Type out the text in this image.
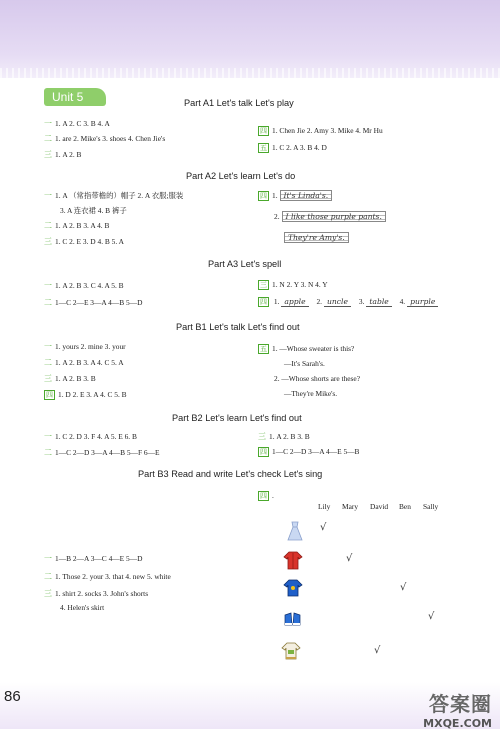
Unit 5	Part A1 Let's talk Let's play
一 1. A 2. C 3. B 4. A
二 1. are 2. Mike's 3. shoes 4. Chen Jie's
三 1. A 2. B
四 1. Chen Jie 2. Amy 3. Mike 4. Mr Hu
五 1. C 2. A 3. B 4. D
Part A2 Let's learn Let's do
一 1. A （常指带檐的）帽子 2. A 衣服;服装
3. A 连衣裙 4. B 裤子
二 1. A 2. B 3. A 4. B
三 1. C 2. E 3. D 4. B 5. A
四 1. It's Linda's.
2. I like those purple pants.
They're Amy's.
Part A3 Let's spell
一 1. A 2. B 3. C 4. A 5. B
二 1—C 2—E 3—A 4—B 5—D
三 1. N 2. Y 3. N 4. Y
四 1. apple 2. uncle 3. table 4. purple
Part B1 Let's talk Let's find out
一 1. yours 2. mine 3. your
二 1. A 2. B 3. A 4. C 5. A
三 1. A 2. B 3. B
四 1. D 2. E 3. A 4. C 5. B
五 1. —Whose sweater is this?
—It's Sarah's.
2. —Whose shorts are these?
—They're Mike's.
Part B2 Let's learn Let's find out
一 1. C 2. D 3. F 4. A 5. E 6. B
二 1—C 2—D 3—A 4—B 5—F 6—E
三 1. A 2. B 3. B
四 1—C 2—D 3—A 4—E 5—B
Part B3 Read and write Let's check Let's sing
一 1—B 2—A 3—C 4—E 5—D
二 1. Those 2. your 3. that 4. new 5. white
三 1. shirt 2. socks 3. John's shorts
4. Helen's skirt
四 .
Lily Mary David Ben Sally
√
√
√
√
√
86	答案圈
MXQE.COM
